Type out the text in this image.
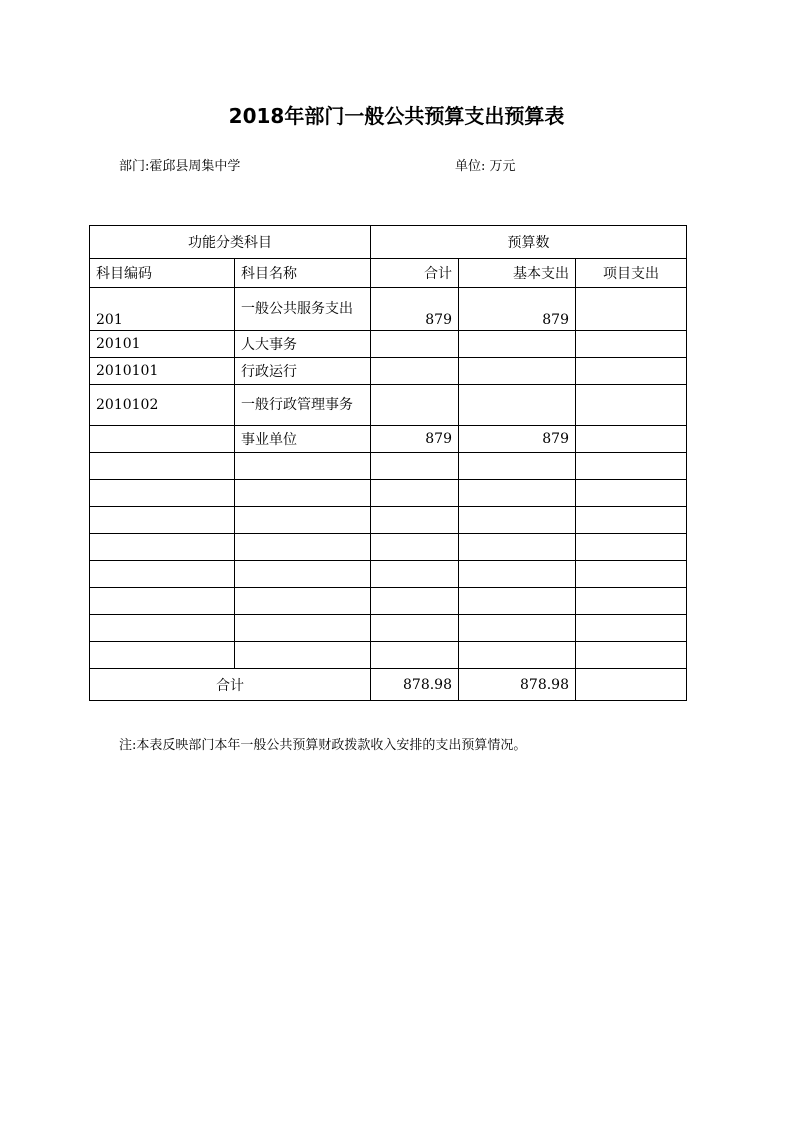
2018年部门一般公共预算支出预算表
部门:霍邱县周集中学	单位: 万元
功能分类科目		预算数		
科目编码	科目名称	合计	基本支出	项目支出
201	一般公共服务支出	879	879	
20101	人大事务			
2010101	行政运行			
2010102	一般行政管理事务			
	事业单位	879	879	

合计		878.98	878.98	
注:本表反映部门本年一般公共预算财政拨款收入安排的支出预算情况。
